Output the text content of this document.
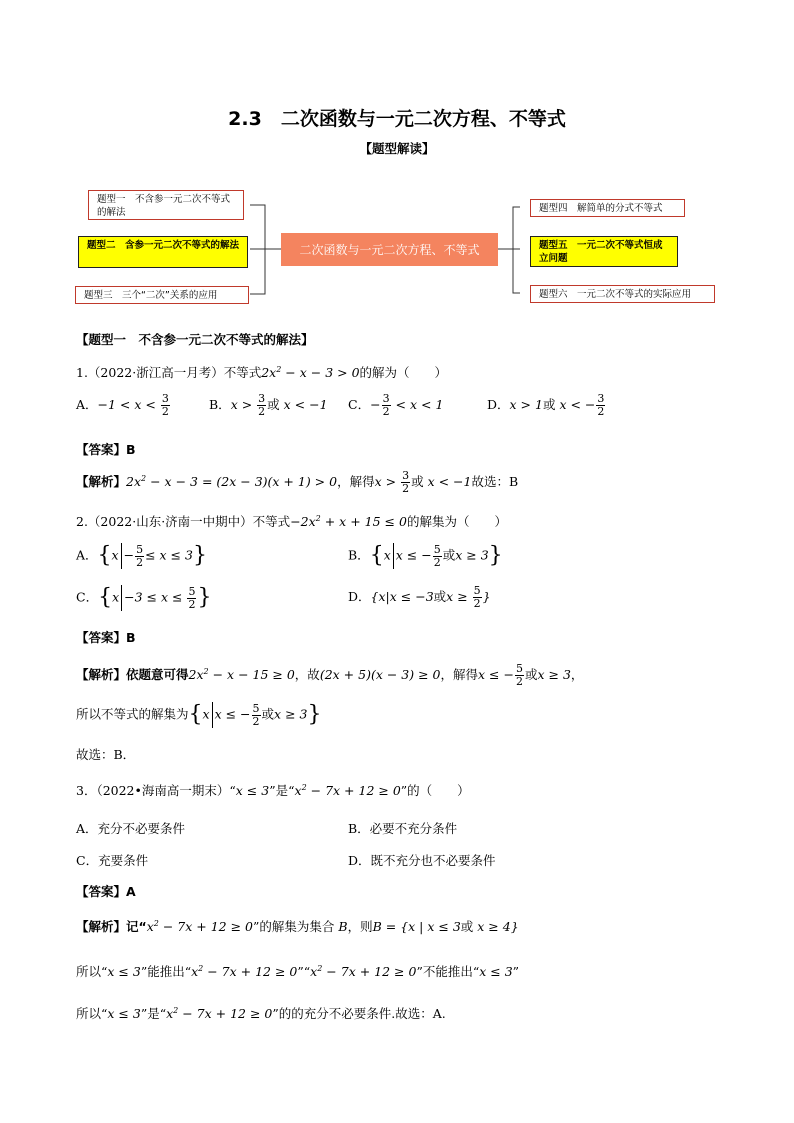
2.3　二次函数与一元二次方程、不等式
【题型解读】
二次函数与一元二次方程、不等式
题型一　不含参一元二次不等式的解法
题型二　含参一元二次不等式的解法
题型三　三个“二次”关系的应用
题型四　解简单的分式不等式
题型五　一元二次不等式恒成立问题
题型六　一元二次不等式的实际应用
【题型一　不含参一元二次不等式的解法】
1.（2022·浙江高一月考）不等式$2x^2 - x - 3 > 0$的解为（　　）
A．$-1 < x < \frac{3}{2}$	B．$x > \frac{3}{2}$ 或 x < −1 C．− $\frac{3}{2} < x < 1$	D．x > 1或 x < − $\frac{3}{2}$
【答案】B
【解析】$2x^2 - x - 3 = (2x - 3)(x + 1) > 0$，解得$x > \frac{3}{2}$ 或 x < −1故选：B
2.（2022·山东·济南一中期中）不等式$-2x^2 + x + 15 \le 0$的解集为（　　）
A．$\{x - \frac{5}{2} \le x \le 3\}$	B．{x x ≤ − $\frac{5}{2}$ 或x ≥ 3}
C．{$x -3 \le x \le \frac{5}{2}$ }	D．{x|x ≤ −3或$x \ge \frac{5}{2}$ }
【答案】B
【解析】依题意可得$2x^2 - x - 15 \ge 0$，故(2x + 5)(x − 3) ≥ 0，解得x ≤ − $\frac{5}{2}$ 或x ≥ 3，
所以不等式的解集为{x x ≤ − $\frac{5}{2}$ 或x ≥ 3}
故选：B．
3．（2022•海南高一期末）“x ≤ 3”是“$x^2 - 7x + 12 \ge 0$”的（　　）
A．充分不必要条件	B．必要不充分条件
C．充要条件	D．既不充分也不必要条件
【答案】A
【解析】记“$x^2 - 7x + 12 \ge 0$”的解集为集合 B，则B = {x | x ≤ 3或 x ≥ 4}
所以“x ≤ 3”能推出“$x^2 - 7x + 12$ ≥ $0”“x^2 - 7x + 12 \ge 0$”不能推出“x ≤ 3”
所以“x ≤ 3”是“$x^2 - 7x + 12 \ge 0$”的的充分不必要条件.故选：A.
